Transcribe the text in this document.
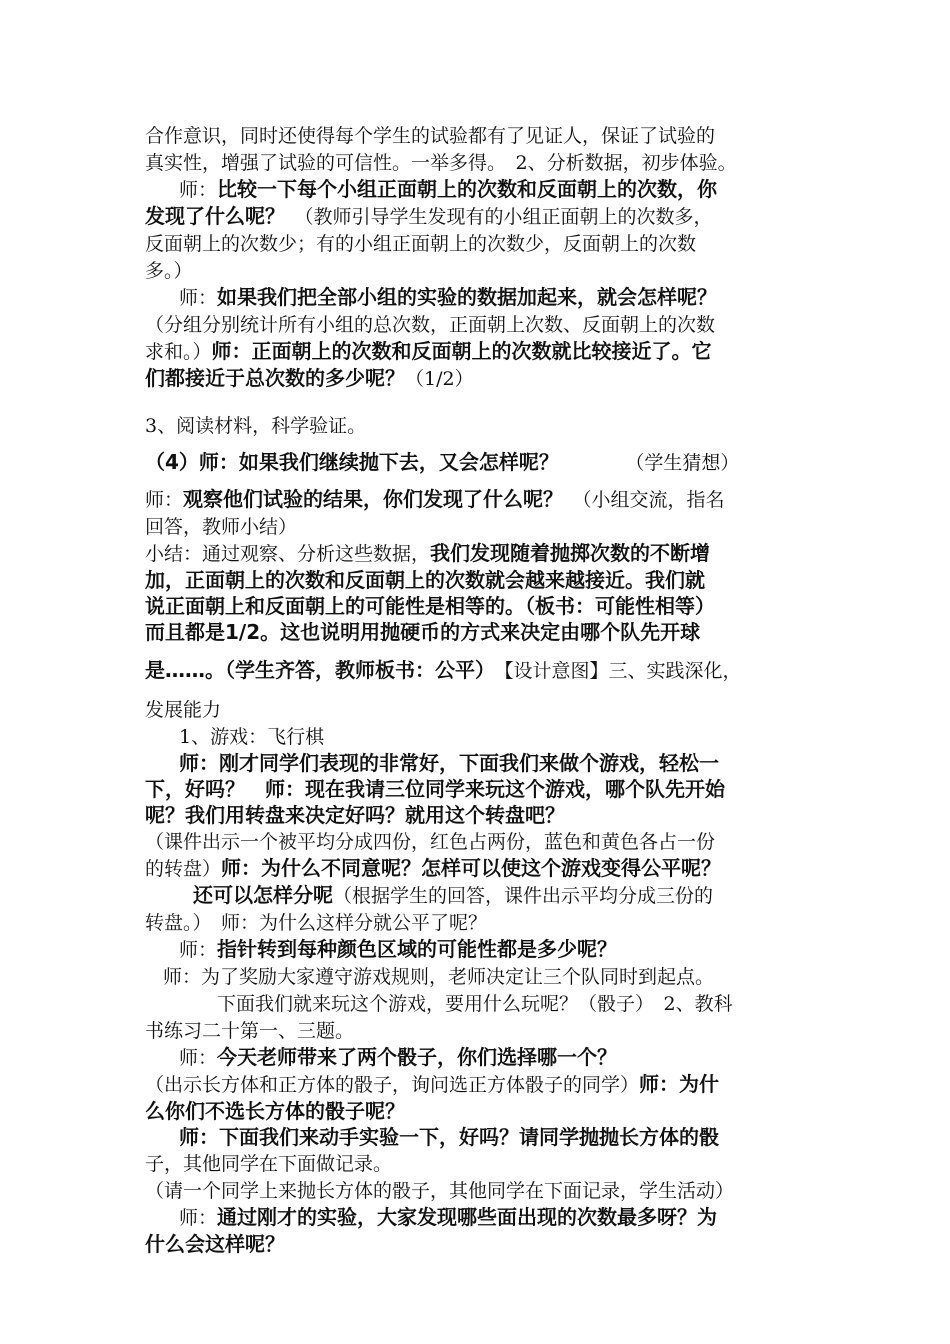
合作意识，同时还使得每个学生的试验都有了见证人，保证了试验的
真实性，增强了试验的可信性。一举多得。　2、分析数据，初步体验。
师：比较一下每个小组正面朝上的次数和反面朝上的次数，你
发现了什么呢？　（教师引导学生发现有的小组正面朝上的次数多，
反面朝上的次数少；有的小组正面朝上的次数少，反面朝上的次数
多。）
师：如果我们把全部小组的实验的数据加起来，就会怎样呢？
（分组分别统计所有小组的总次数，正面朝上次数、反面朝上的次数
求和。）师：正面朝上的次数和反面朝上的次数就比较接近了。它
们都接近于总次数的多少呢？（1/2）
3、阅读材料，科学验证。
（4）师：如果我们继续抛下去，又会怎样呢？　　　　（学生猜想）
师：观察他们试验的结果，你们发现了什么呢？　（小组交流，指名
回答，教师小结）
小结：通过观察、分析这些数据，我们发现随着抛掷次数的不断增
加，正面朝上的次数和反面朝上的次数就会越来越接近。我们就
说正面朝上和反面朝上的可能性是相等的。（板书：可能性相等）
而且都是1/2。这也说明用抛硬币的方式来决定由哪个队先开球
是……。（学生齐答，教师板书：公平）　【设计意图】三、实践深化，
发展能力
1、游戏：飞行棋
师：刚才同学们表现的非常好，下面我们来做个游戏，轻松一
下，好吗？　师：现在我请三位同学来玩这个游戏，哪个队先开始
呢？我们用转盘来决定好吗？就用这个转盘吧？
（课件出示一个被平均分成四份，红色占两份，蓝色和黄色各占一份
的转盘）师：为什么不同意呢？怎样可以使这个游戏变得公平呢？
还可以怎样分呢（根据学生的回答，课件出示平均分成三份的
转盘。）　师：为什么这样分就公平了呢？
师：指针转到每种颜色区域的可能性都是多少呢？
师：为了奖励大家遵守游戏规则，老师决定让三个队同时到起点。
下面我们就来玩这个游戏，要用什么玩呢？（骰子）　2、教科
书练习二十第一、三题。
师：今天老师带来了两个骰子，你们选择哪一个？
（出示长方体和正方体的骰子，询问选正方体骰子的同学）师：为什
么你们不选长方体的骰子呢？
师：下面我们来动手实验一下，好吗？请同学抛抛长方体的骰
子，其他同学在下面做记录。
（请一个同学上来抛长方体的骰子，其他同学在下面记录，学生活动）
师：通过刚才的实验，大家发现哪些面出现的次数最多呀？为
什么会这样呢？
